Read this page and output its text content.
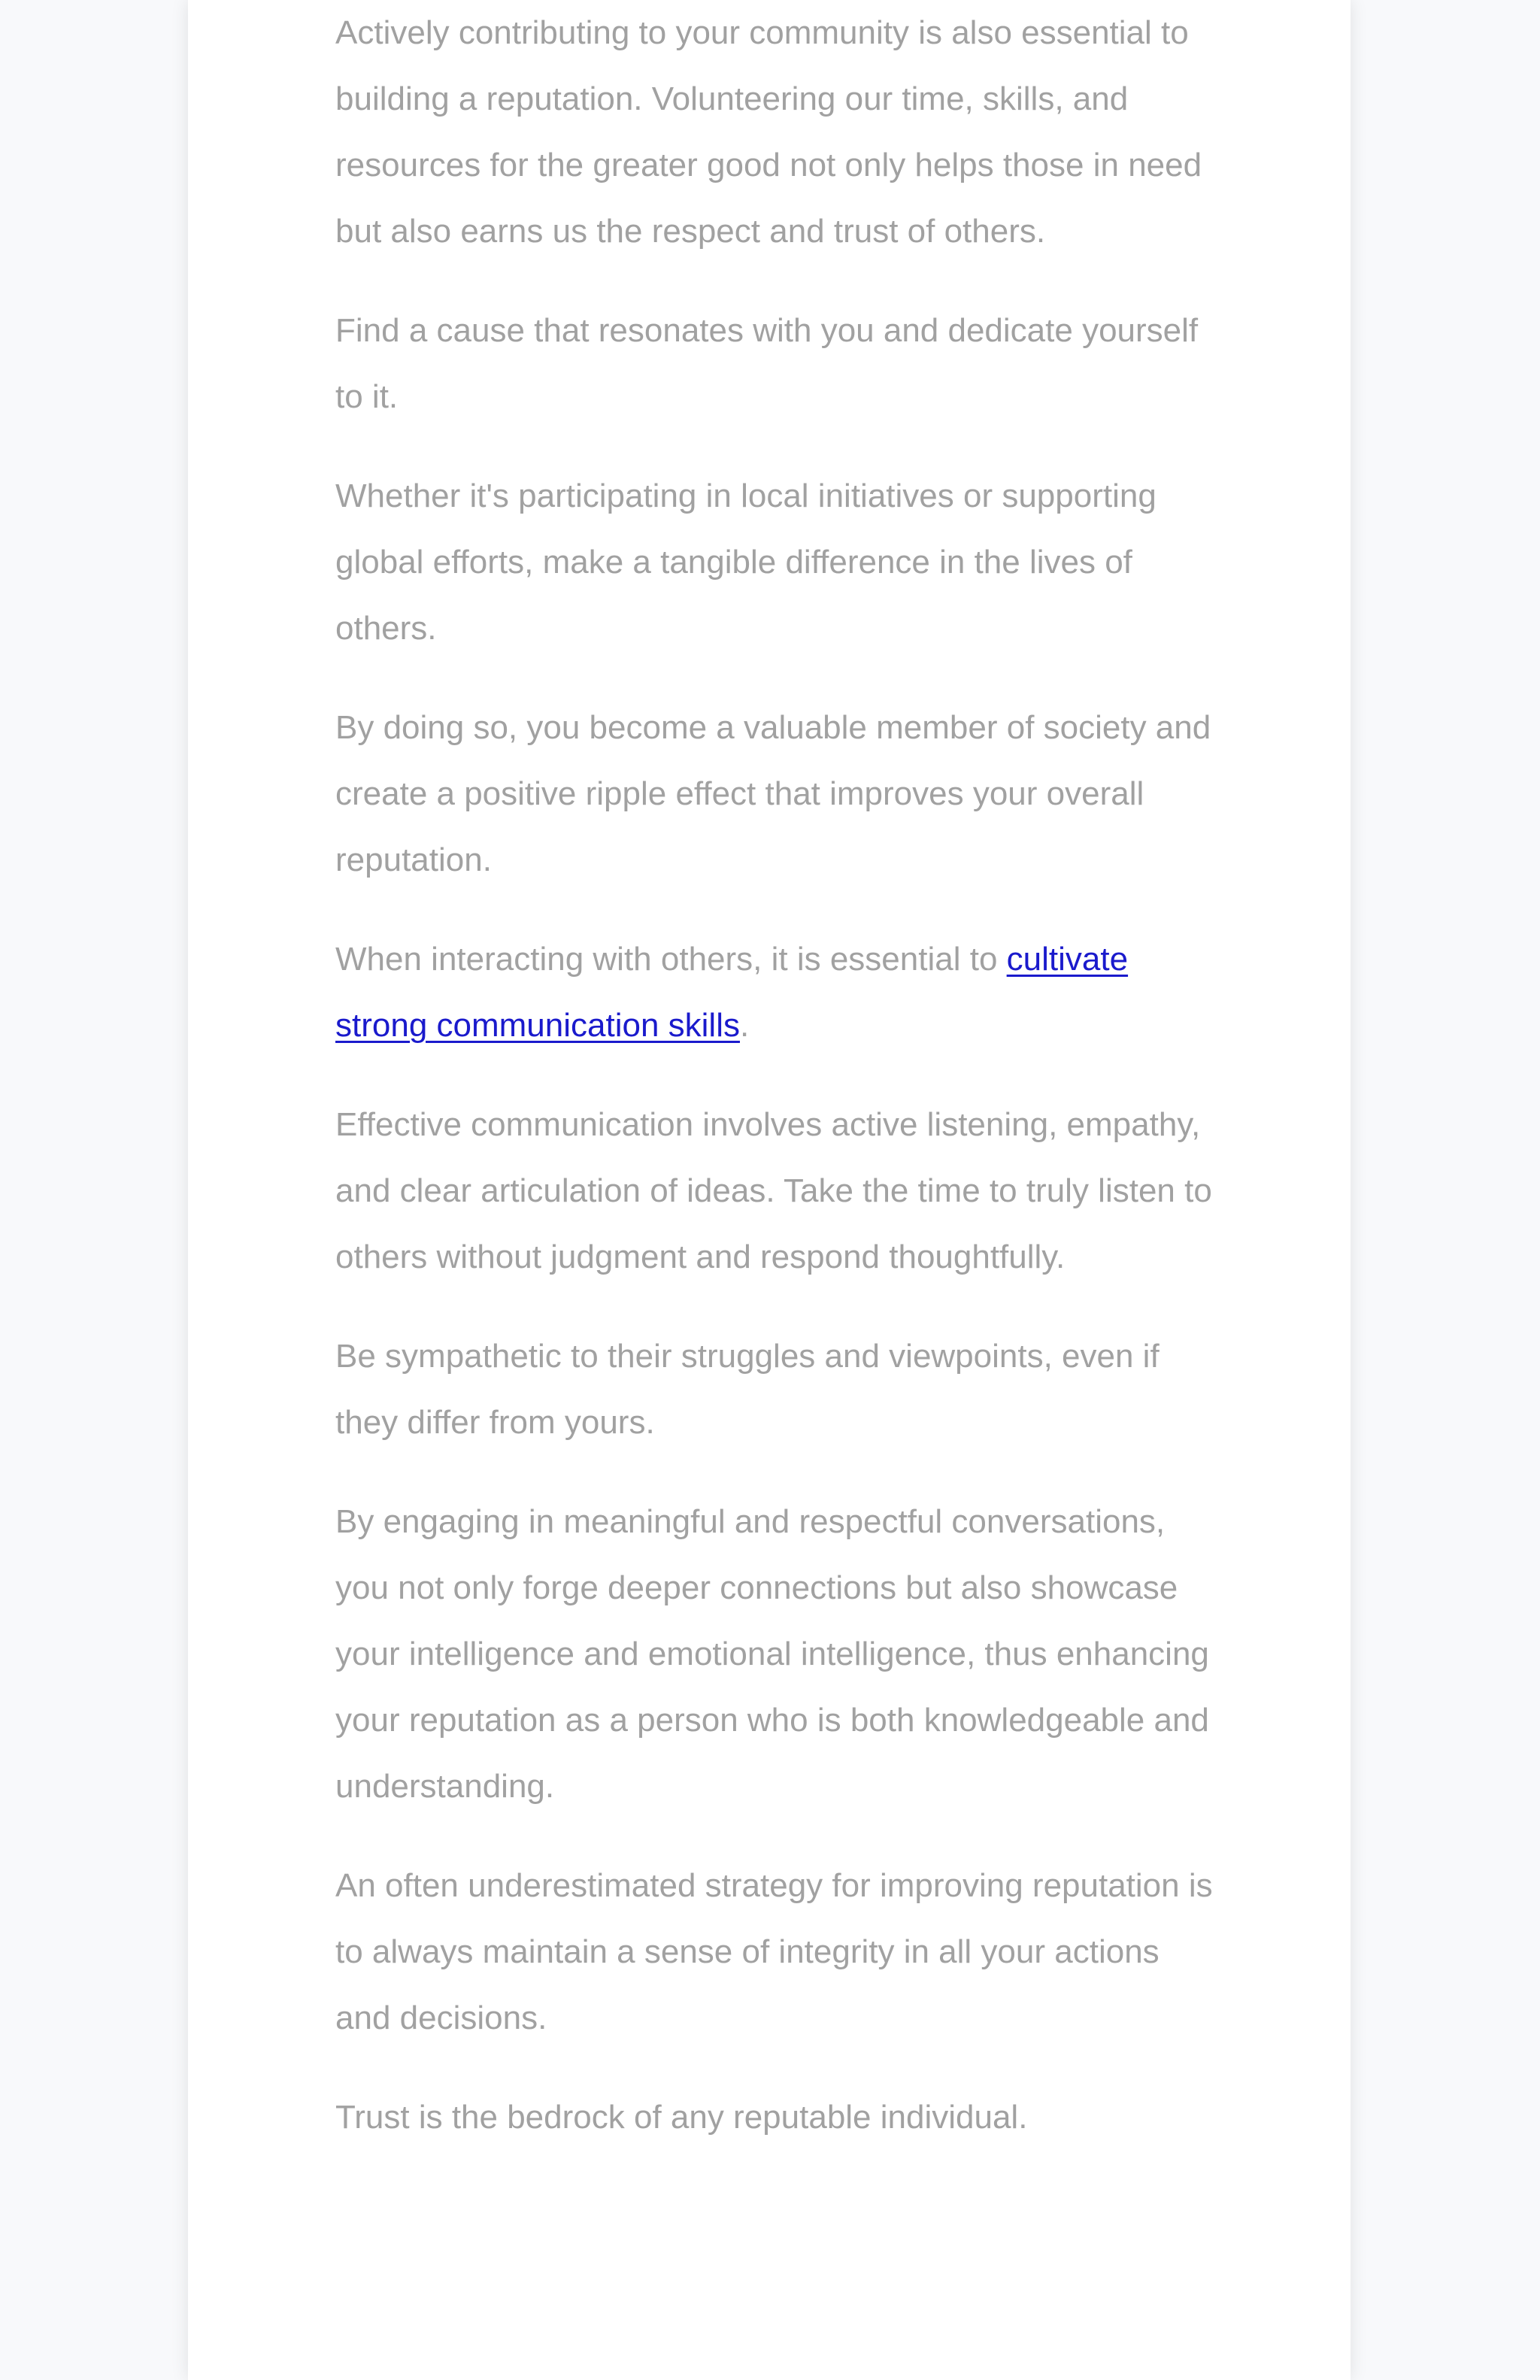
Actively contributing to your community is also essential to building a reputation. Volunteering our time, skills, and resources for the greater good not only helps those in need but also earns us the respect and trust of others.

Find a cause that resonates with you and dedicate yourself to it.

Whether it's participating in local initiatives or supporting global efforts, make a tangible difference in the lives of others.

By doing so, you become a valuable member of society and create a positive ripple effect that improves your overall reputation.

When interacting with others, it is essential to cultivate strong communication skills.

Effective communication involves active listening, empathy, and clear articulation of ideas. Take the time to truly listen to others without judgment and respond thoughtfully.

Be sympathetic to their struggles and viewpoints, even if they differ from yours.

By engaging in meaningful and respectful conversations, you not only forge deeper connections but also showcase your intelligence and emotional intelligence, thus enhancing your reputation as a person who is both knowledgeable and understanding.

An often underestimated strategy for improving reputation is to always maintain a sense of integrity in all your actions and decisions.

Trust is the bedrock of any reputable individual.
